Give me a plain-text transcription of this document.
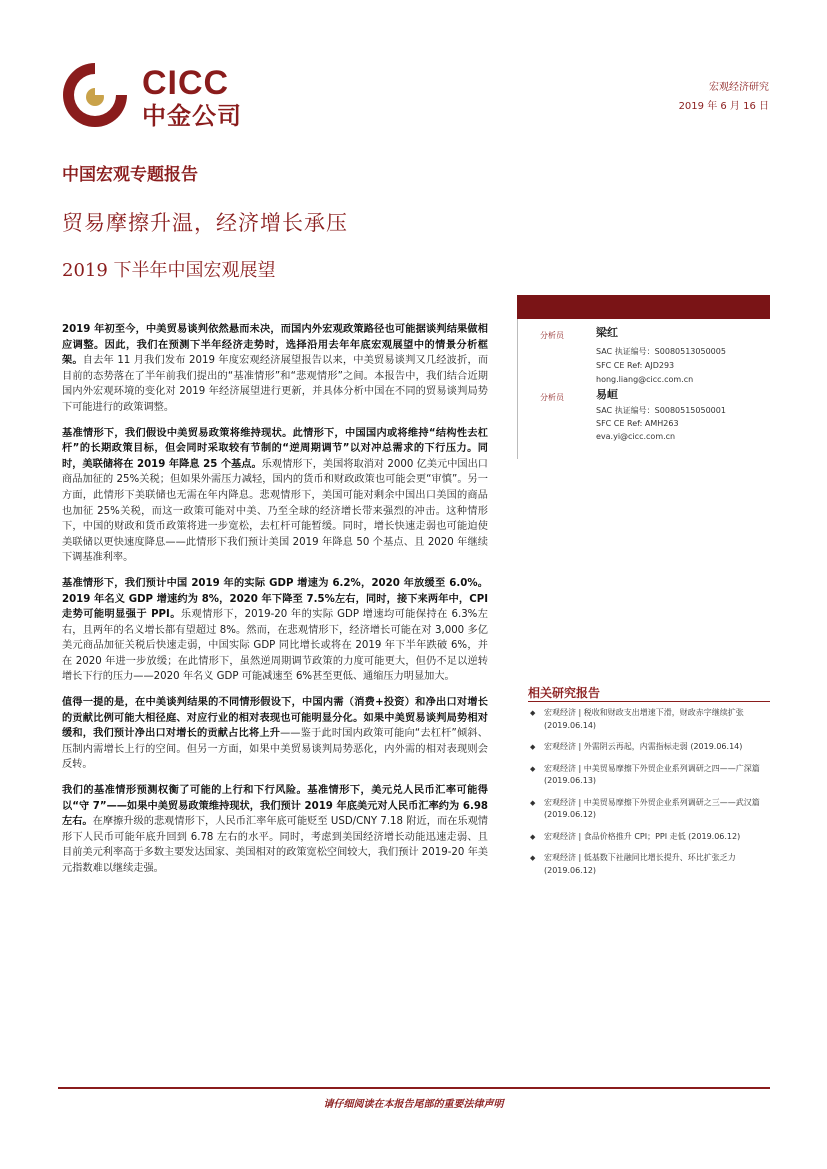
CICC
中金公司
宏观经济研究
2019 年 6 月 16 日
中国宏观专题报告
贸易摩擦升温，经济增长承压
2019 下半年中国宏观展望
分析员	梁红
SAC 执证编号：S0080513050005
SFC CE Ref: AJD293
hong.liang@cicc.com.cn
分析员	易峘
SAC 执证编号：S0080515050001
SFC CE Ref: AMH263
eva.yi@cicc.com.cn

2019 年初至今，中美贸易谈判依然悬而未决，而国内外宏观政策路径也可能据谈判结果做相应调整。因此，我们在预测下半年经济走势时，选择沿用去年年底宏观展望中的情景分析框架。自去年 11 月我们发布 2019 年度宏观经济展望报告以来，中美贸易谈判又几经波折，而目前的态势落在了半年前我们提出的“基准情形”和“悲观情形”之间。本报告中，我们结合近期国内外宏观环境的变化对 2019 年经济展望进行更新，并具体分析中国在不同的贸易谈判局势下可能进行的政策调整。

基准情形下，我们假设中美贸易政策将维持现状。此情形下，中国国内或将维持“结构性去杠杆”的长期政策目标，但会同时采取较有节制的“逆周期调节”以对冲总需求的下行压力。同时，美联储将在 2019 年降息 25 个基点。乐观情形下，美国将取消对 2000 亿美元中国出口商品加征的 25%关税；但如果外需压力减轻，国内的货币和财政政策也可能会更“审慎”。另一方面，此情形下美联储也无需在年内降息。悲观情形下，美国可能对剩余中国出口美国的商品也加征 25%关税，而这一政策可能对中美、乃至全球的经济增长带来强烈的冲击。这种情形下，中国的财政和货币政策将进一步宽松，去杠杆可能暂缓。同时，增长快速走弱也可能迫使美联储以更快速度降息——此情形下我们预计美国 2019 年降息 50 个基点、且 2020 年继续下调基准利率。

基准情形下，我们预计中国 2019 年的实际 GDP 增速为 6.2%，2020 年放缓至 6.0%。2019 年名义 GDP 增速约为 8%，2020 年下降至 7.5%左右，同时，接下来两年中，CPI 走势可能明显强于 PPI。乐观情形下，2019-20 年的实际 GDP 增速均可能保持在 6.3%左右，且两年的名义增长都有望超过 8%。然而，在悲观情形下，经济增长可能在对 3,000 多亿美元商品加征关税后快速走弱，中国实际 GDP 同比增长或将在 2019 年下半年跌破 6%，并在 2020 年进一步放缓；在此情形下，虽然逆周期调节政策的力度可能更大，但仍不足以逆转增长下行的压力——2020 年名义 GDP 可能减速至 6%甚至更低、通缩压力明显加大。

值得一提的是，在中美谈判结果的不同情形假设下，中国内需（消费+投资）和净出口对增长的贡献比例可能大相径庭、对应行业的相对表现也可能明显分化。如果中美贸易谈判局势相对缓和，我们预计净出口对增长的贡献占比将上升——鉴于此时国内政策可能向“去杠杆”倾斜、压制内需增长上行的空间。但另一方面，如果中美贸易谈判局势恶化，内外需的相对表现则会反转。

我们的基准情形预测权衡了可能的上行和下行风险。基准情形下，美元兑人民币汇率可能得以“守 7”——如果中美贸易政策维持现状，我们预计 2019 年底美元对人民币汇率约为 6.98 左右。在摩擦升级的悲观情形下，人民币汇率年底可能贬至 USD/CNY 7.18 附近，而在乐观情形下人民币可能年底升回到 6.78 左右的水平。同时，考虑到美国经济增长动能迅速走弱、且目前美元利率高于多数主要发达国家、美国相对的政策宽松空间较大，我们预计 2019-20 年美元指数难以继续走强。

相关研究报告
◆ 宏观经济 | 税收和财政支出增速下滑，财政赤字继续扩张 (2019.06.14)
◆ 宏观经济 | 外需阴云再起，内需指标走弱 (2019.06.14)
◆ 宏观经济 | 中美贸易摩擦下外贸企业系列调研之四——广深篇 (2019.06.13)
◆ 宏观经济 | 中美贸易摩擦下外贸企业系列调研之三——武汉篇 (2019.06.12)
◆ 宏观经济 | 食品价格推升 CPI；PPI 走低 (2019.06.12)
◆ 宏观经济 | 低基数下社融同比增长提升、环比扩张乏力 (2019.06.12)
请仔细阅读在本报告尾部的重要法律声明
